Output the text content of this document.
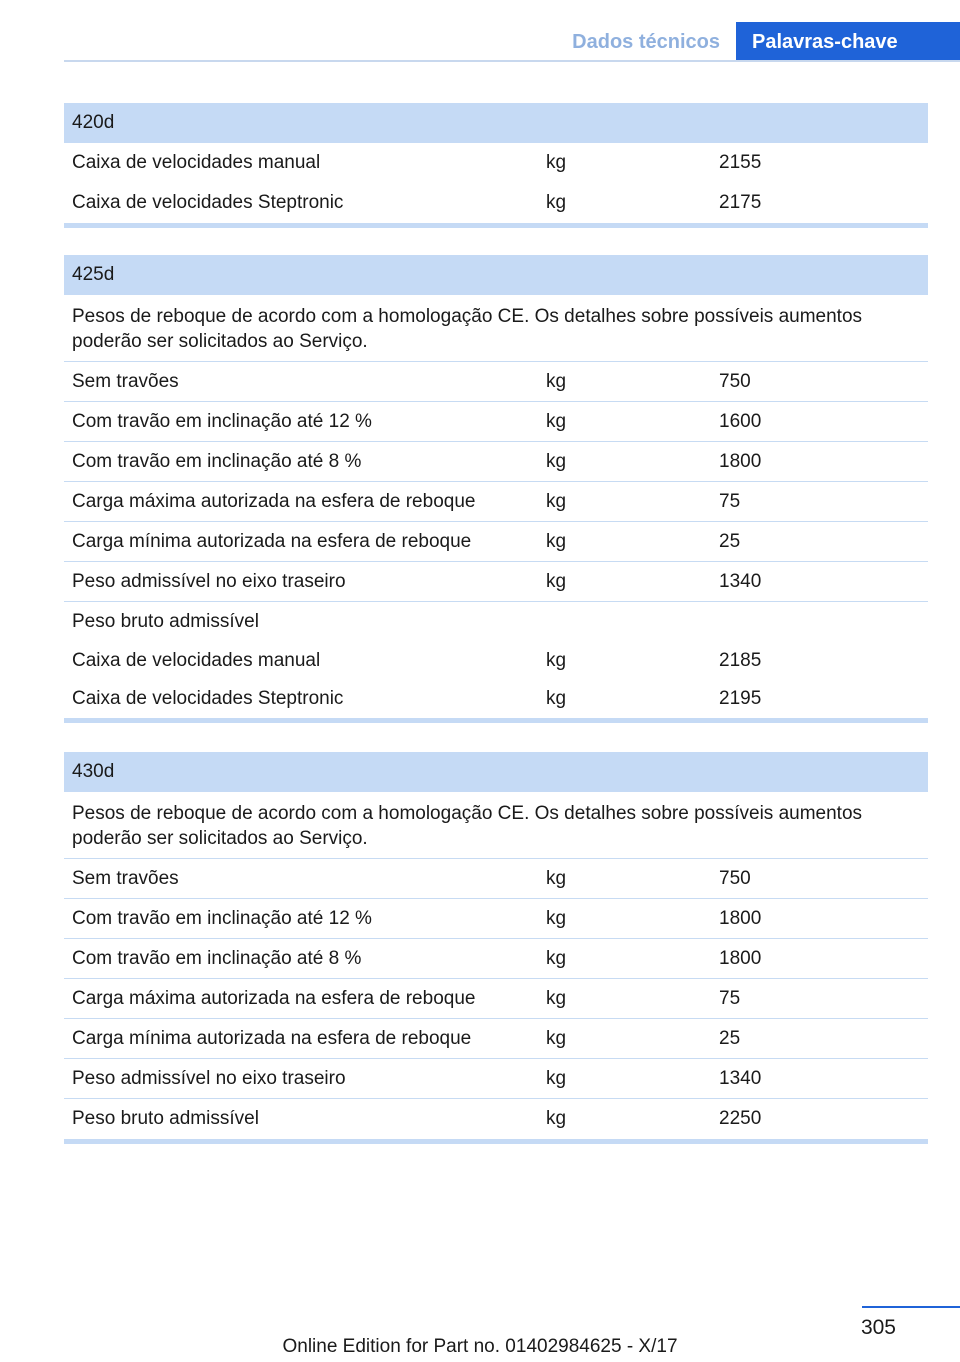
Dados técnicos	Palavras-chave
420d
Caixa de velocidades manual	kg	2155
Caixa de velocidades Steptronic	kg	2175
425d
Pesos de reboque de acordo com a homologação CE. Os detalhes sobre possíveis aumentos poderão ser solicitados ao Serviço.
Sem travões	kg	750
Com travão em inclinação até 12 %	kg	1600
Com travão em inclinação até 8 %	kg	1800
Carga máxima autorizada na esfera de reboque	kg	75
Carga mínima autorizada na esfera de reboque	kg	25
Peso admissível no eixo traseiro	kg	1340
Peso bruto admissível
Caixa de velocidades manual	kg	2185
Caixa de velocidades Steptronic	kg	2195
430d
Pesos de reboque de acordo com a homologação CE. Os detalhes sobre possíveis aumentos poderão ser solicitados ao Serviço.
Sem travões	kg	750
Com travão em inclinação até 12 %	kg	1800
Com travão em inclinação até 8 %	kg	1800
Carga máxima autorizada na esfera de reboque	kg	75
Carga mínima autorizada na esfera de reboque	kg	25
Peso admissível no eixo traseiro	kg	1340
Peso bruto admissível	kg	2250
305
Online Edition for Part no. 01402984625 - X/17
